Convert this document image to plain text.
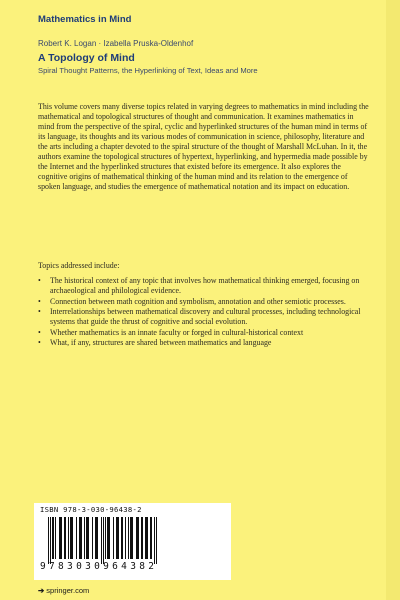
Mathematics in Mind
Robert K. Logan · Izabella Pruska-Oldenhof
A Topology of Mind
Spiral Thought Patterns, the Hyperlinking of Text, Ideas and More

This volume covers many diverse topics related in varying degrees to mathematics in mind including the mathematical and topological structures of thought and communication. It examines mathematics in mind from the perspective of the spiral, cyclic and hyperlinked structures of the human mind in terms of its language, its thoughts and its various modes of communication in science, philosophy, literature and the arts including a chapter devoted to the spiral structure of the thought of Marshall McLuhan. In it, the authors examine the topological structures of hypertext, hyperlinking, and hypermedia made possible by the Internet and the hyperlinked structures that existed before its emergence. It also explores the cognitive origins of mathematical thinking of the human mind and its relation to the emergence of spoken language, and studies the emergence of mathematical notation and its impact on education.

Topics addressed include:

• The historical context of any topic that involves how mathematical thinking emerged, focusing on archaeological and philological evidence.
• Connection between math cognition and symbolism, annotation and other semiotic processes.
• Interrelationships between mathematical discovery and cultural processes, including technological systems that guide the thrust of cognitive and social evolution.
• Whether mathematics is an innate faculty or forged in cultural-historical context
• What, if any, structures are shared between mathematics and language
ISBN 978-3-030-96438-2
9783030964382
➔ springer.com
